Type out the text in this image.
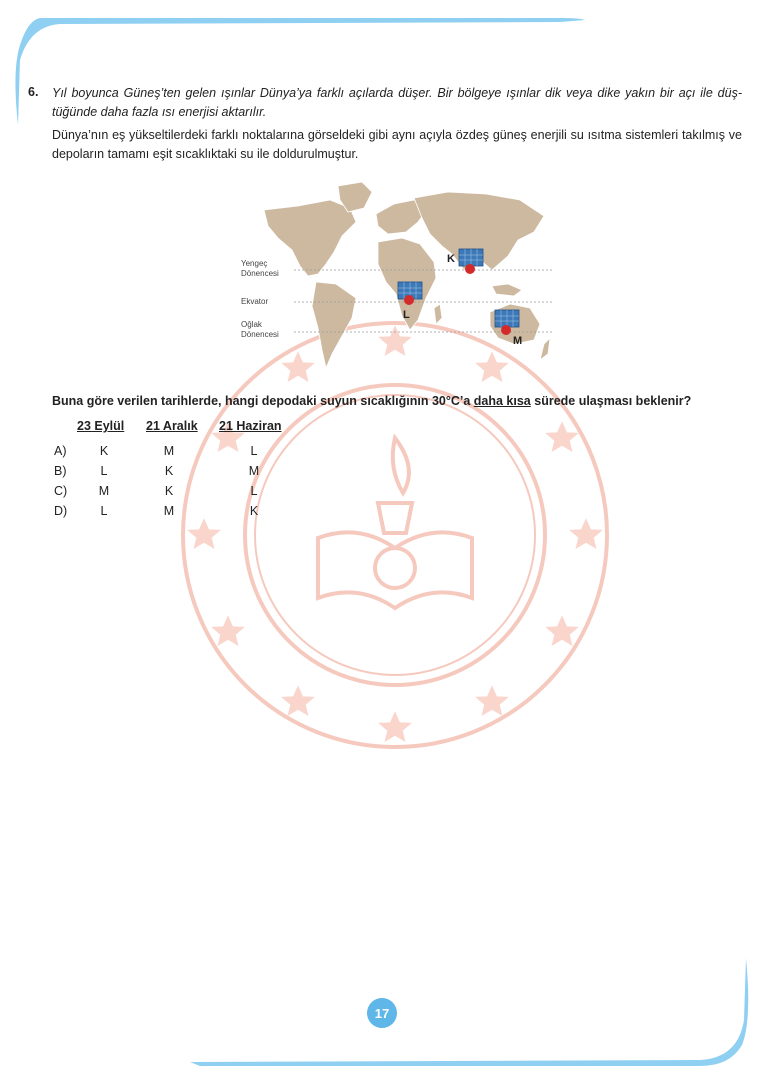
6. Yıl boyunca Güneş’ten gelen ışınlar Dünya’ya farklı açılarda düşer. Bir bölgeye ışınlar dik veya dike yakın bir açı ile düş- tüğünde daha fazla ısı enerjisi aktarılır.
Dünya’nın eş yükseltilerdeki farklı noktalarına görseldeki gibi aynı açıyla özdeş güneş enerjili su ısıtma sistemleri takılmış ve depoların tamamı eşit sıcaklıktaki su ile doldurulmuştur.
Yengeç
Dönencesi
Ekvator
Oğlak
Dönencesi
K
L
M
Buna göre verilen tarihlerde, hangi depodaki suyun sıcaklığının 30°C’a daha kısa sürede ulaşması beklenir?
23 Eylül 21 Aralık 21 Haziran
A)	K	M	L
B)	L	K	M
C)	M	K	L
D)	L	M	K
17
